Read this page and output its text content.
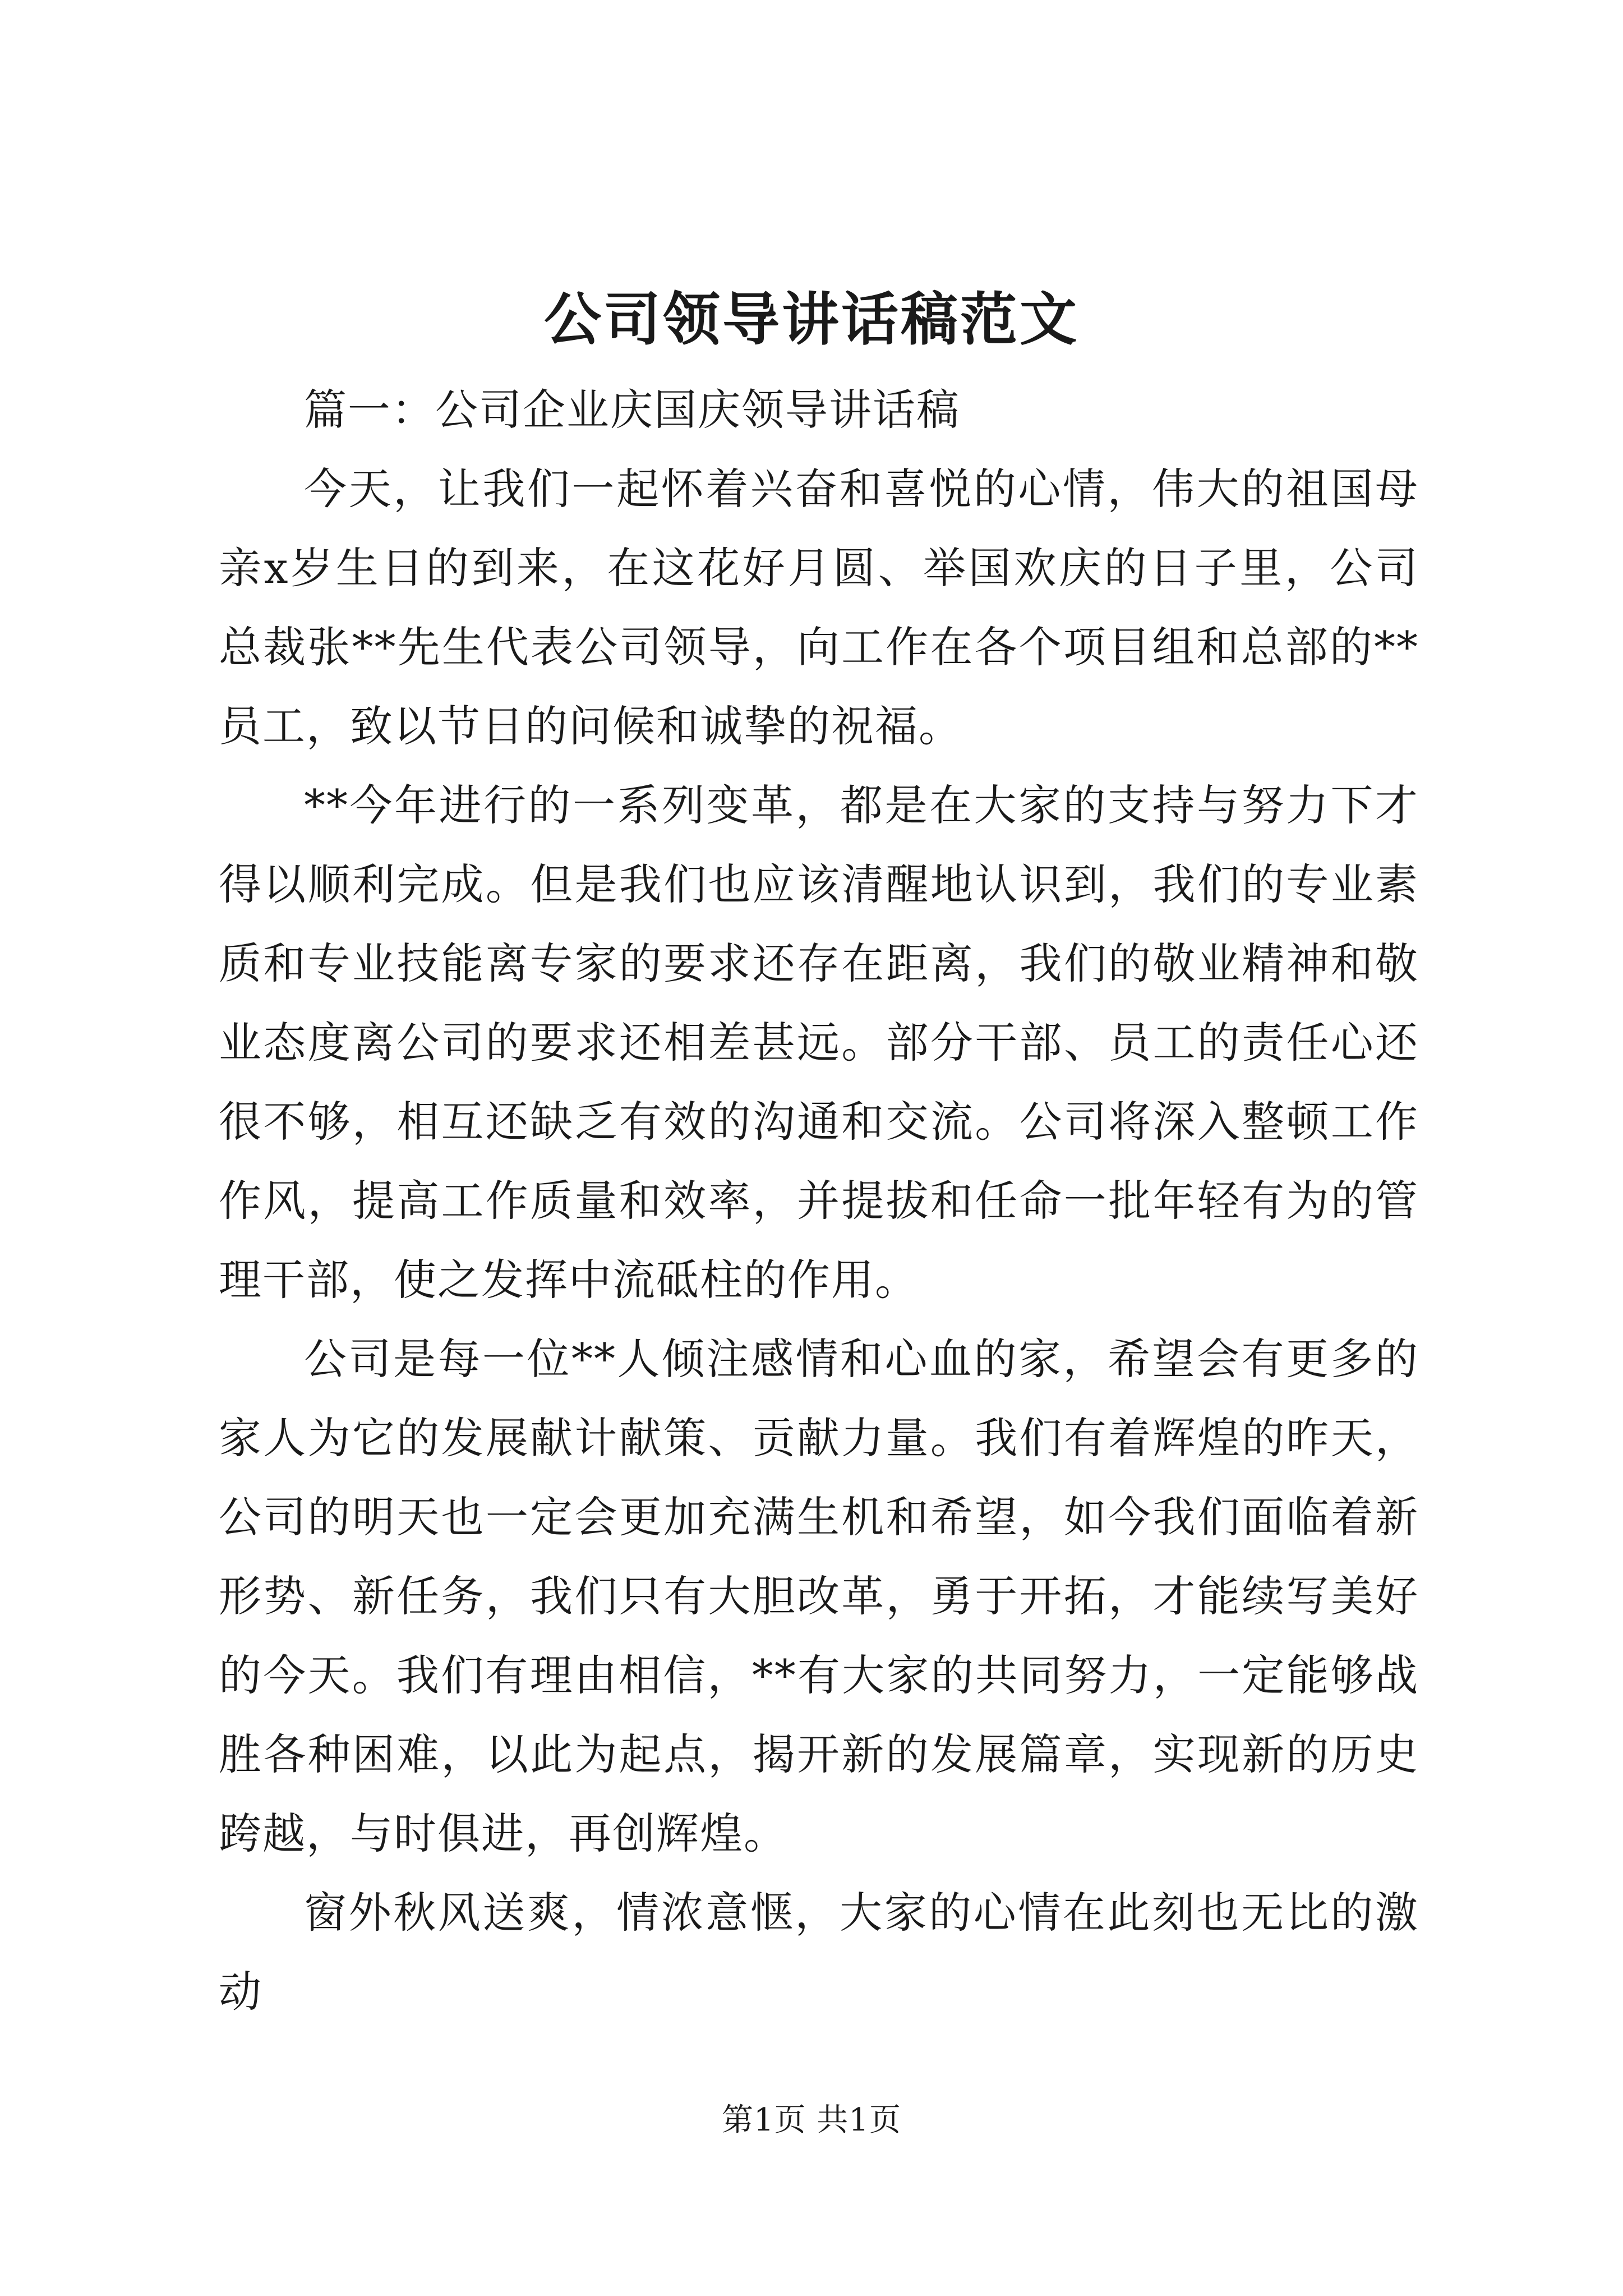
公司领导讲话稿范文

篇一：公司企业庆国庆领导讲话稿

今天，让我们一起怀着兴奋和喜悦的心情，伟大的祖国母亲x岁生日的到来，在这花好月圆、举国欢庆的日子里，公司总裁张**先生代表公司领导，向工作在各个项目组和总部的**员工，致以节日的问候和诚挚的祝福。

**今年进行的一系列变革，都是在大家的支持与努力下才得以顺利完成。但是我们也应该清醒地认识到，我们的专业素质和专业技能离专家的要求还存在距离，我们的敬业精神和敬业态度离公司的要求还相差甚远。部分干部、员工的责任心还很不够，相互还缺乏有效的沟通和交流。公司将深入整顿工作作风，提高工作质量和效率，并提拔和任命一批年轻有为的管理干部，使之发挥中流砥柱的作用。

公司是每一位**人倾注感情和心血的家，希望会有更多的家人为它的发展献计献策、贡献力量。我们有着辉煌的昨天，公司的明天也一定会更加充满生机和希望，如今我们面临着新形势、新任务，我们只有大胆改革，勇于开拓，才能续写美好的今天。我们有理由相信，**有大家的共同努力，一定能够战胜各种困难，以此为起点，揭开新的发展篇章，实现新的历史跨越，与时俱进，再创辉煌。

窗外秋风送爽，情浓意惬，大家的心情在此刻也无比的激动

第1页 共1页
